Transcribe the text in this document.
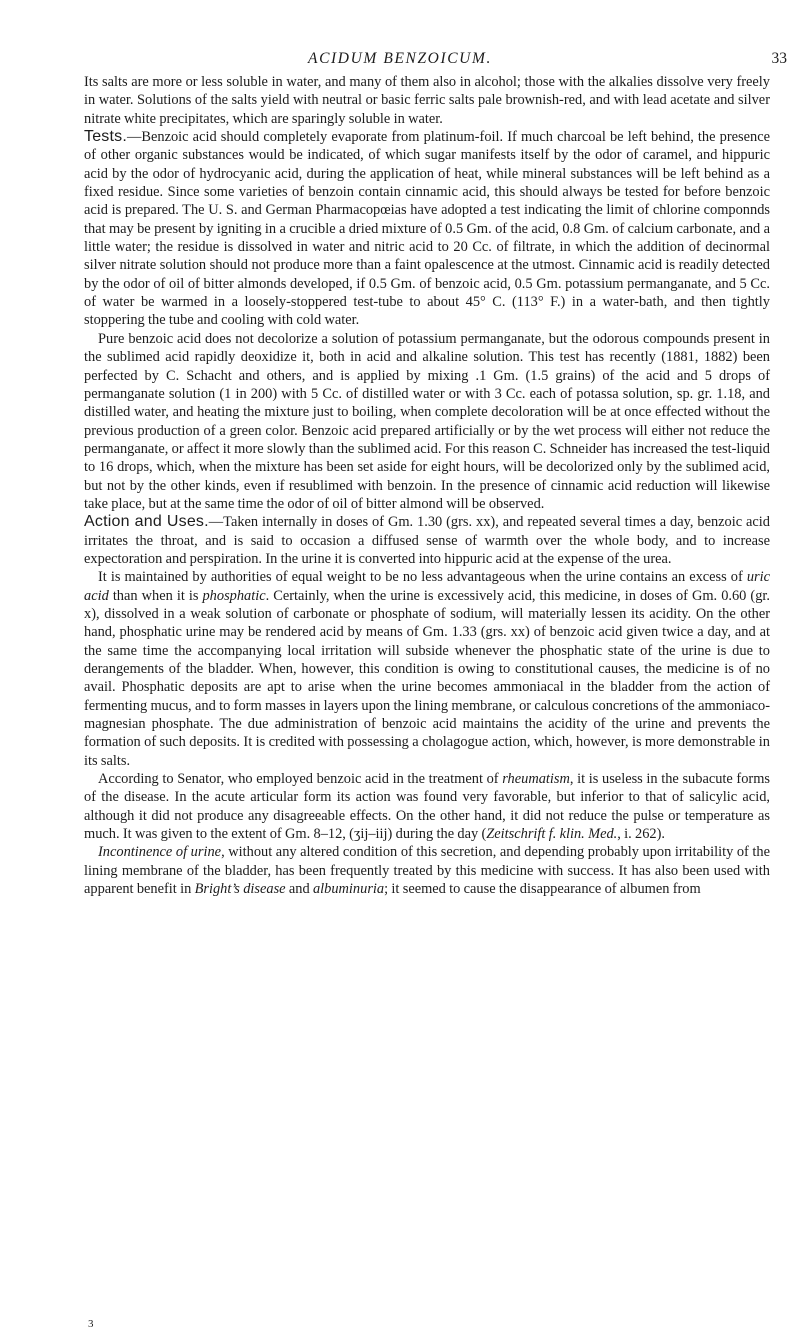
ACIDUM BENZOICUM.	33

Its salts are more or less soluble in water, and many of them also in alcohol; those with the alkalies dissolve very freely in water. Solutions of the salts yield with neutral or basic ferric salts pale brownish-red, and with lead acetate and silver nitrate white precipitates, which are sparingly soluble in water.

Tests.—Benzoic acid should completely evaporate from platinum-foil. If much charcoal be left behind, the presence of other organic substances would be indicated, of which sugar manifests itself by the odor of caramel, and hippuric acid by the odor of hydrocyanic acid, during the application of heat, while mineral substances will be left behind as a fixed residue. Since some varieties of benzoin contain cinnamic acid, this should always be tested for before benzoic acid is prepared. The U. S. and German Pharmacopœias have adopted a test indicating the limit of chlorine componnds that may be present by igniting in a crucible a dried mixture of 0.5 Gm. of the acid, 0.8 Gm. of calcium carbonate, and a little water; the residue is dissolved in water and nitric acid to 20 Cc. of filtrate, in which the addition of decinormal silver nitrate solution should not produce more than a faint opalescence at the utmost. Cinnamic acid is readily detected by the odor of oil of bitter almonds developed, if 0.5 Gm. of benzoic acid, 0.5 Gm. potassium permanganate, and 5 Cc. of water be warmed in a loosely-stoppered test-tube to about 45° C. (113° F.) in a water-bath, and then tightly stoppering the tube and cooling with cold water.

Pure benzoic acid does not decolorize a solution of potassium permanganate, but the odorous compounds present in the sublimed acid rapidly deoxidize it, both in acid and alkaline solution. This test has recently (1881, 1882) been perfected by C. Schacht and others, and is applied by mixing .1 Gm. (1.5 grains) of the acid and 5 drops of permanganate solution (1 in 200) with 5 Cc. of distilled water or with 3 Cc. each of potassa solution, sp. gr. 1.18, and distilled water, and heating the mixture just to boiling, when complete decoloration will be at once effected without the previous production of a green color. Benzoic acid prepared artificially or by the wet process will either not reduce the permanganate, or affect it more slowly than the sublimed acid. For this reason C. Schneider has increased the test-liquid to 16 drops, which, when the mixture has been set aside for eight hours, will be decolorized only by the sublimed acid, but not by the other kinds, even if resublimed with benzoin. In the presence of cinnamic acid reduction will likewise take place, but at the same time the odor of oil of bitter almond will be observed.

Action and Uses.—Taken internally in doses of Gm. 1.30 (grs. xx), and repeated several times a day, benzoic acid irritates the throat, and is said to occasion a diffused sense of warmth over the whole body, and to increase expectoration and perspiration. In the urine it is converted into hippuric acid at the expense of the urea.

It is maintained by authorities of equal weight to be no less advantageous when the urine contains an excess of uric acid than when it is phosphatic. Certainly, when the urine is excessively acid, this medicine, in doses of Gm. 0.60 (gr. x), dissolved in a weak solution of carbonate or phosphate of sodium, will materially lessen its acidity. On the other hand, phosphatic urine may be rendered acid by means of Gm. 1.33 (grs. xx) of benzoic acid given twice a day, and at the same time the accompanying local irritation will subside whenever the phosphatic state of the urine is due to derangements of the bladder. When, however, this condition is owing to constitutional causes, the medicine is of no avail. Phosphatic deposits are apt to arise when the urine becomes ammoniacal in the bladder from the action of fermenting mucus, and to form masses in layers upon the lining membrane, or calculous concretions of the ammoniaco-magnesian phosphate. The due administration of benzoic acid maintains the acidity of the urine and prevents the formation of such deposits. It is credited with possessing a cholagogue action, which, however, is more demonstrable in its salts.

According to Senator, who employed benzoic acid in the treatment of rheumatism, it is useless in the subacute forms of the disease. In the acute articular form its action was found very favorable, but inferior to that of salicylic acid, although it did not produce any disagreeable effects. On the other hand, it did not reduce the pulse or temperature as much. It was given to the extent of Gm. 8–12, (ʒij–iij) during the day (Zeitschrift f. klin. Med., i. 262).

Incontinence of urine, without any altered condition of this secretion, and depending probably upon irritability of the lining membrane of the bladder, has been frequently treated by this medicine with success. It has also been used with apparent benefit in Bright’s disease and albuminuria; it seemed to cause the disappearance of albumen from

3
